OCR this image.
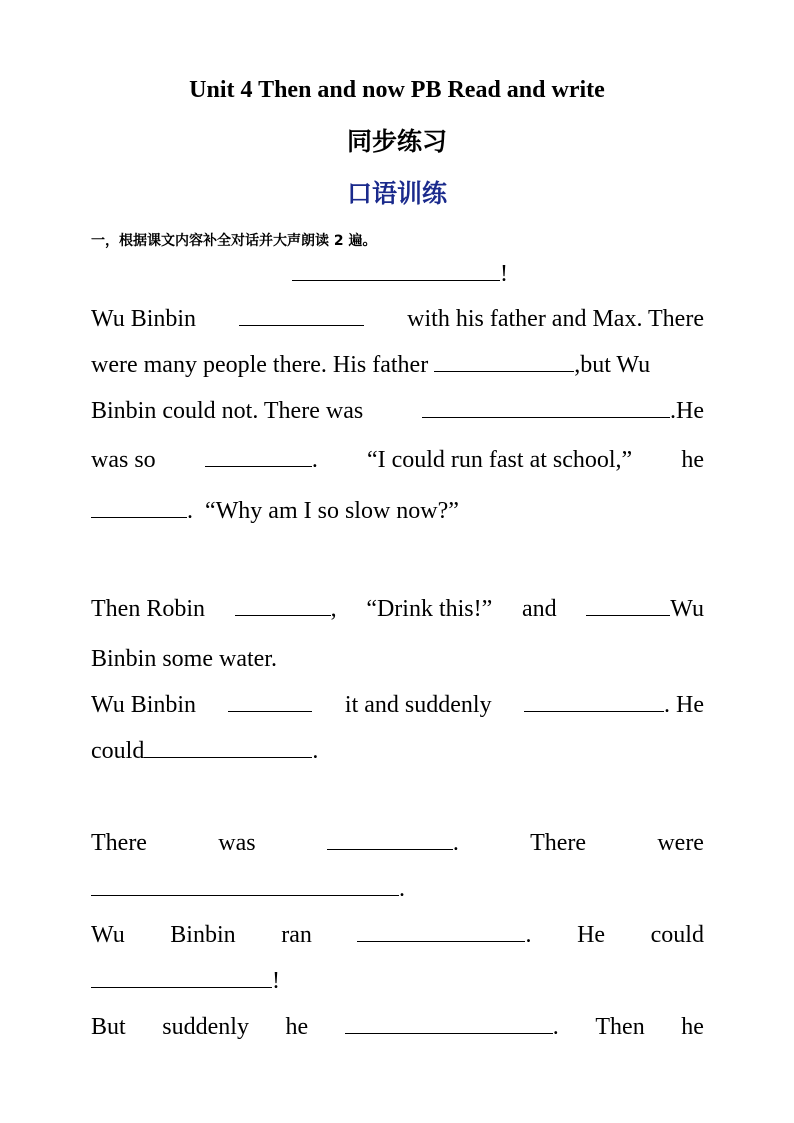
Unit 4 Then and now PB Read and write
同步练习
口语训练
一，根据课文内容补全对话并大声朗读 2 遍。
!
Wu Binbin	with his father and Max. There
were many people there. His father
	,but Wu
Binbin could not. There was	.He
was so	. “I could run fast at school,” he
.
“Why am I so slow now?”
Then Robin	, “Drink this!” and	Wu
Binbin some water.
Wu Binbin	it and suddenly	. He
could	.
There	was	.	There	were
.
Wu Binbin ran	. He could
!
But suddenly he	. Then he
